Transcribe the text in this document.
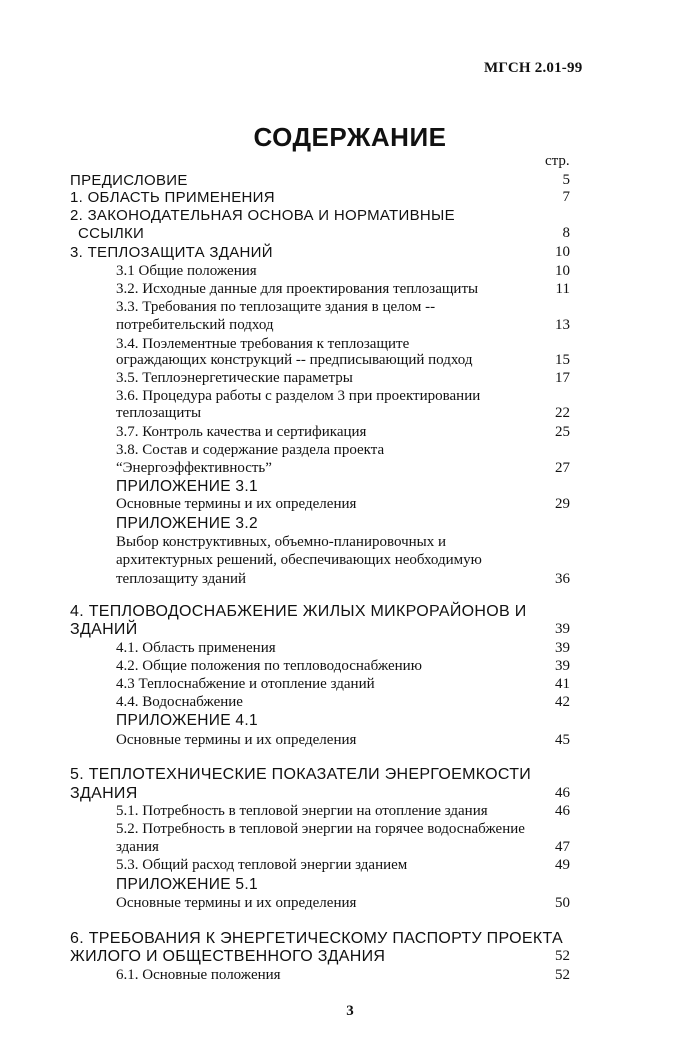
МГСН 2.01-99
СОДЕРЖАНИЕ
стр.
ПРЕДИСЛОВИЕ	5
1. ОБЛАСТЬ ПРИМЕНЕНИЯ	7
2. ЗАКОНОДАТЕЛЬНАЯ ОСНОВА И НОРМАТИВНЫЕ
ССЫЛКИ	8
3. ТЕПЛОЗАЩИТА ЗДАНИЙ	10
3.1 Общие положения	10
3.2. Исходные данные для проектирования теплозащиты	11
3.3. Требования по теплозащите здания в целом --
потребительский подход	13
3.4. Поэлементные требования к теплозащите
ограждающих конструкций -- предписывающий подход	15
3.5. Теплоэнергетические параметры	17
3.6. Процедура работы с разделом 3 при проектировании
теплозащиты	22
3.7. Контроль качества и сертификация	25
3.8. Состав и содержание раздела проекта
“Энергоэффективность”	27
ПРИЛОЖЕНИЕ 3.1
Основные термины и их определения	29
ПРИЛОЖЕНИЕ 3.2
Выбор конструктивных, объемно-планировочных и
архитектурных решений, обеспечивающих необходимую
теплозащиту зданий	36
4. ТЕПЛОВОДОСНАБЖЕНИЕ ЖИЛЫХ МИКРОРАЙОНОВ И
ЗДАНИЙ	39
4.1. Область применения	39
4.2. Общие положения по тепловодоснабжению	39
4.3 Теплоснабжение и отопление зданий	41
4.4. Водоснабжение	42
ПРИЛОЖЕНИЕ 4.1
Основные термины и их определения	45
5. ТЕПЛОТЕХНИЧЕСКИЕ ПОКАЗАТЕЛИ ЭНЕРГОЕМКОСТИ
ЗДАНИЯ	46
5.1. Потребность в тепловой энергии на отопление здания	46
5.2. Потребность в тепловой энергии на горячее водоснабжение
здания	47
5.3. Общий расход тепловой энергии зданием	49
ПРИЛОЖЕНИЕ 5.1
Основные термины и их определения	50
6. ТРЕБОВАНИЯ К ЭНЕРГЕТИЧЕСКОМУ ПАСПОРТУ ПРОЕКТА
ЖИЛОГО И ОБЩЕСТВЕННОГО ЗДАНИЯ	52
6.1. Основные положения	52
3
